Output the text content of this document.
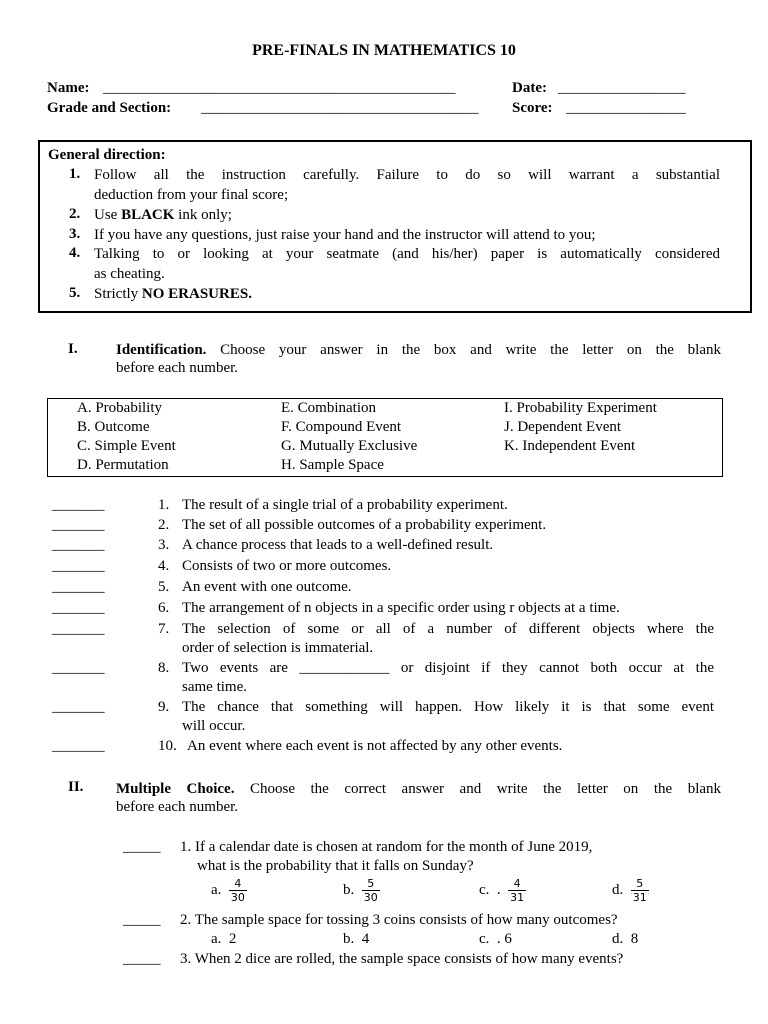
PRE-FINALS IN MATHEMATICS 10
Name: _______________________________________________	Date: _________________
Grade and Section: _____________________________________ Score: ________________
General direction:
1. Follow all the instruction carefully. Failure to do so will warrant a substantial
deduction from your final score;
2. Use BLACK ink only;
3. If you have any questions, just raise your hand and the instructor will attend to you;
4. Talking to or looking at your seatmate (and his/her) paper is automatically considered
as cheating.
5. Strictly NO ERASURES.
I.	Identification. Choose your answer in the box and write the letter on the blank
before each number.
A. Probability
B. Outcome
C. Simple Event
D. Permutation
E. Combination
F. Compound Event
G. Mutually Exclusive
H. Sample Space
I. Probability Experiment
J. Dependent Event
K. Independent Event
_______	1. The result of a single trial of a probability experiment.
_______	2. The set of all possible outcomes of a probability experiment.
_______	3. A chance process that leads to a well-defined result.
_______	4. Consists of two or more outcomes.
_______	5. An event with one outcome.
_______	6. The arrangement of n objects in a specific order using r objects at a time.
_______	7. The selection of some or all of a number of different objects where the
order of selection is immaterial.
_______	8. Two events are ____________ or disjoint if they cannot both occur at the
same time.
_______	9. The chance that something will happen. How likely it is that some event
will occur.
_______	10. An event where each event is not affected by any other events.
II. Multiple Choice. Choose the correct answer and write the letter on the blank
before each number.
_____ 1. If a calendar date is chosen at random for the month of June 2019,
what is the probability that it falls on Sunday?
a. $\frac{4}{30}$	b. $\frac{5}{30}$	c.  . $\frac{4}{31}$	d. $\frac{5}{31}$
_____ 2. The sample space for tossing 3 coins consists of how many outcomes?
a.  2	b.  4	c.  . 6	d.  8
_____ 3. When 2 dice are rolled, the sample space consists of how many events?
